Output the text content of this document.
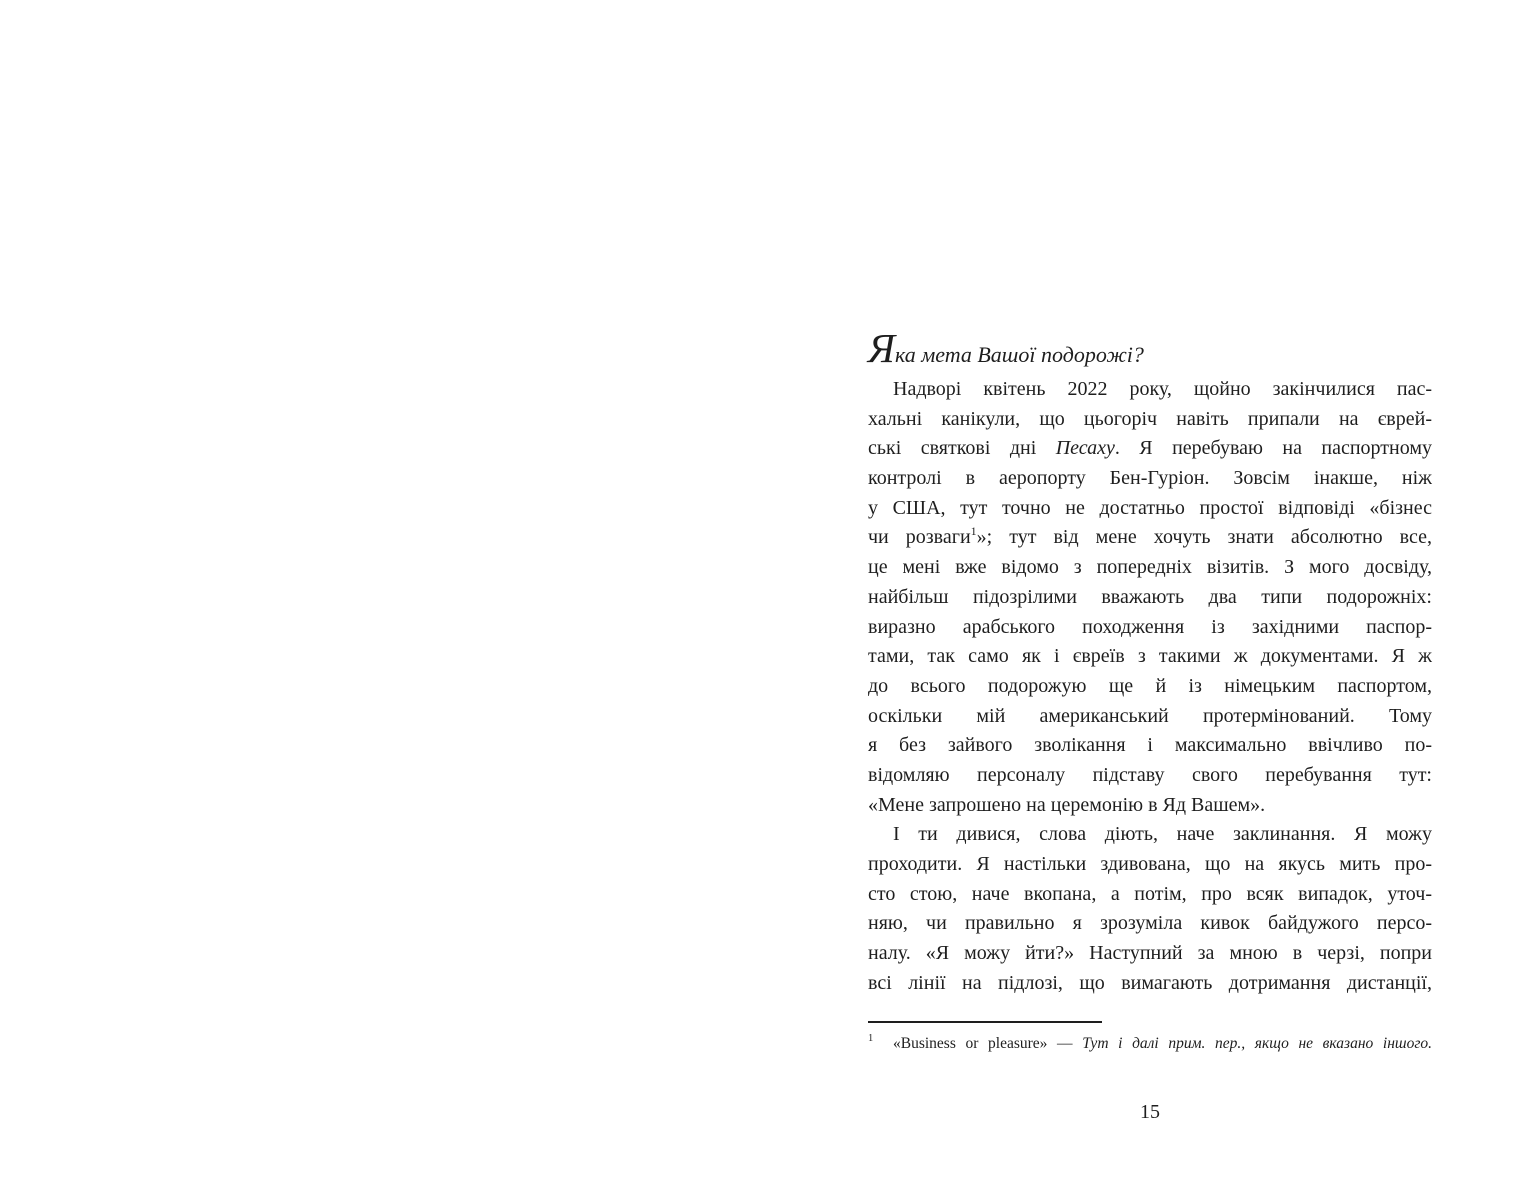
Яка мета Вашої подорожі?
Надворі квітень 2022 року, щойно закінчилися пас-
хальні канікули, що цьогоріч навіть припали на єврей-
ські святкові дні Песаху. Я перебуваю на паспортному
контролі в аеропорту Бен-Гуріон. Зовсім інакше, ніж
у США, тут точно не достатньо простої відповіді «бізнес
чи розваги$^1$»; тут від мене хочуть знати абсолютно все,
це мені вже відомо з попередніх візитів. З мого досвіду,
найбільш підозрілими вважають два типи подорожніх:
виразно арабського походження із західними паспор-
тами, так само як і євреїв з такими ж документами. Я ж
до всього подорожую ще й із німецьким паспортом,
оскільки мій американський протермінований. Тому
я без зайвого зволікання і максимально ввічливо по-
відомляю персоналу підставу свого перебування тут:
«Мене запрошено на церемонію в Яд Вашем».
І ти дивися, слова діють, наче заклинання. Я можу
проходити. Я настільки здивована, що на якусь мить про-
сто стою, наче вкопана, а потім, про всяк випадок, уточ-
няю, чи правильно я зрозуміла кивок байдужого персо-
налу. «Я можу йти?» Наступний за мною в черзі, попри
всі лінії на підлозі, що вимагають дотримання дистанції,
1 «Business or pleasure» — Тут і далі прим. пер., якщо не вказано іншого.
15
